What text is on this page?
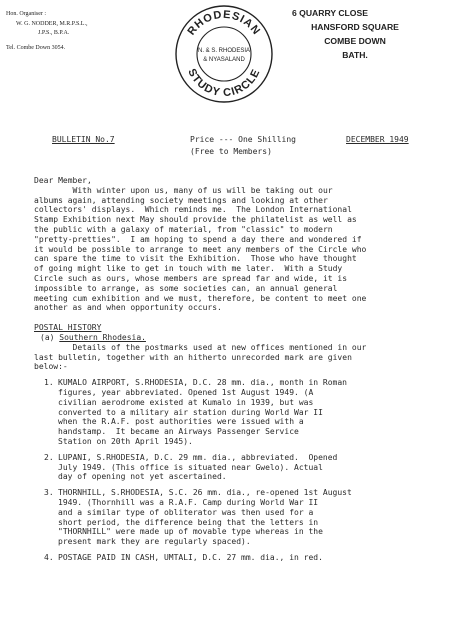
Hon. Organiser :
W. G. NODDER, M.R.P.S.L.,
J.P.S., B.P.A.
Tel. Combe Down 3054.
RHODESIAN
STUDY CIRCLE
N. & S. RHODESIA
& NYASALAND
6 QUARRY CLOSE
HANSFORD SQUARE
COMBE DOWN
BATH.
BULLETIN No.7	Price --- One Shilling
(Free to Members)
DECEMBER 1949

Dear Member,

With winter upon us, many of us will be taking out our
albums again, attending society meetings and looking at other
collectors' displays.  Which reminds me.  The London International
Stamp Exhibition next May should provide the philatelist as well as
the public with a galaxy of material, from "classic" to modern
"pretty-pretties".  I am hoping to spend a day there and wondered if
it would be possible to arrange to meet any members of the Circle who
can spare the time to visit the Exhibition.  Those who have thought
of going might like to get in touch with me later.  With a Study
Circle such as ours, whose members are spread far and wide, it is
impossible to arrange, as some societies can, an annual general
meeting cum exhibition and we must, therefore, be content to meet one
another as and when opportunity occurs.
POSTAL HISTORY
(a) Southern Rhodesia.
Details of the postmarks used at new offices mentioned in our
last bulletin, together with an hitherto unrecorded mark are given
below:-
1. KUMALO AIRPORT, S.RHODESIA, D.C. 28 mm. dia., month in Roman
figures, year abbreviated. Opened 1st August 1949. (A
civilian aerodrome existed at Kumalo in 1939, but was
converted to a military air station during World War II
when the R.A.F. post authorities were issued with a
handstamp.  It became an Airways Passenger Service
Station on 20th April 1945).
2. LUPANI, S.RHODESIA, D.C. 29 mm. dia., abbreviated.  Opened
July 1949. (This office is situated near Gwelo). Actual
day of opening not yet ascertained.
3. THORNHILL, S.RHODESIA, S.C. 26 mm. dia., re-opened 1st August
1949. (Thornhill was a R.A.F. Camp during World War II
and a similar type of obliterator was then used for a
short period, the difference being that the letters in
"THORNHILL" were made up of movable type whereas in the
present mark they are regularly spaced).
4. POSTAGE PAID IN CASH, UMTALI, D.C. 27 mm. dia., in red.
